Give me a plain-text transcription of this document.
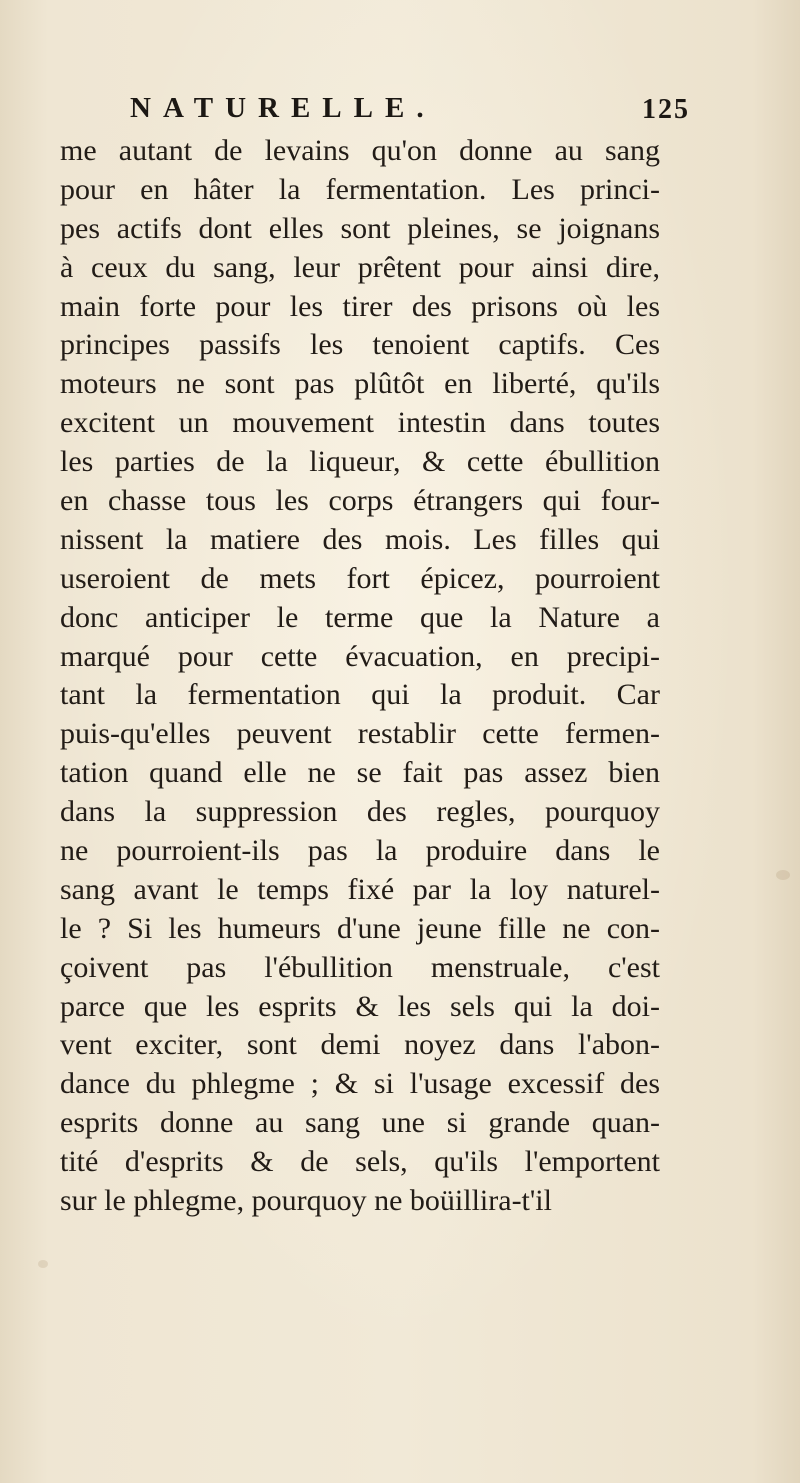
NATURELLE.	125
me autant de levains qu'on donne au sang
pour en hâter la fermentation. Les princi-
pes actifs dont elles sont pleines, se joignans
à ceux du sang, leur prêtent pour ainsi dire,
main forte pour les tirer des prisons où les
principes passifs les tenoient captifs. Ces
moteurs ne sont pas plûtôt en liberté, qu'ils
excitent un mouvement intestin dans toutes
les parties de la liqueur, & cette ébullition
en chasse tous les corps étrangers qui four-
nissent la matiere des mois. Les filles qui
useroient de mets fort épicez, pourroient
donc anticiper le terme que la Nature a
marqué pour cette évacuation, en precipi-
tant la fermentation qui la produit. Car
puis-qu'elles peuvent restablir cette fermen-
tation quand elle ne se fait pas assez bien
dans la suppression des regles, pourquoy
ne pourroient-ils pas la produire dans le
sang avant le temps fixé par la loy naturel-
le ? Si les humeurs d'une jeune fille ne con-
çoivent pas l'ébullition menstruale, c'est
parce que les esprits & les sels qui la doi-
vent exciter, sont demi noyez dans l'abon-
dance du phlegme ; & si l'usage excessif des
esprits donne au sang une si grande quan-
tité d'esprits & de sels, qu'ils l'emportent
sur le phlegme, pourquoy ne boüillira-t'il
